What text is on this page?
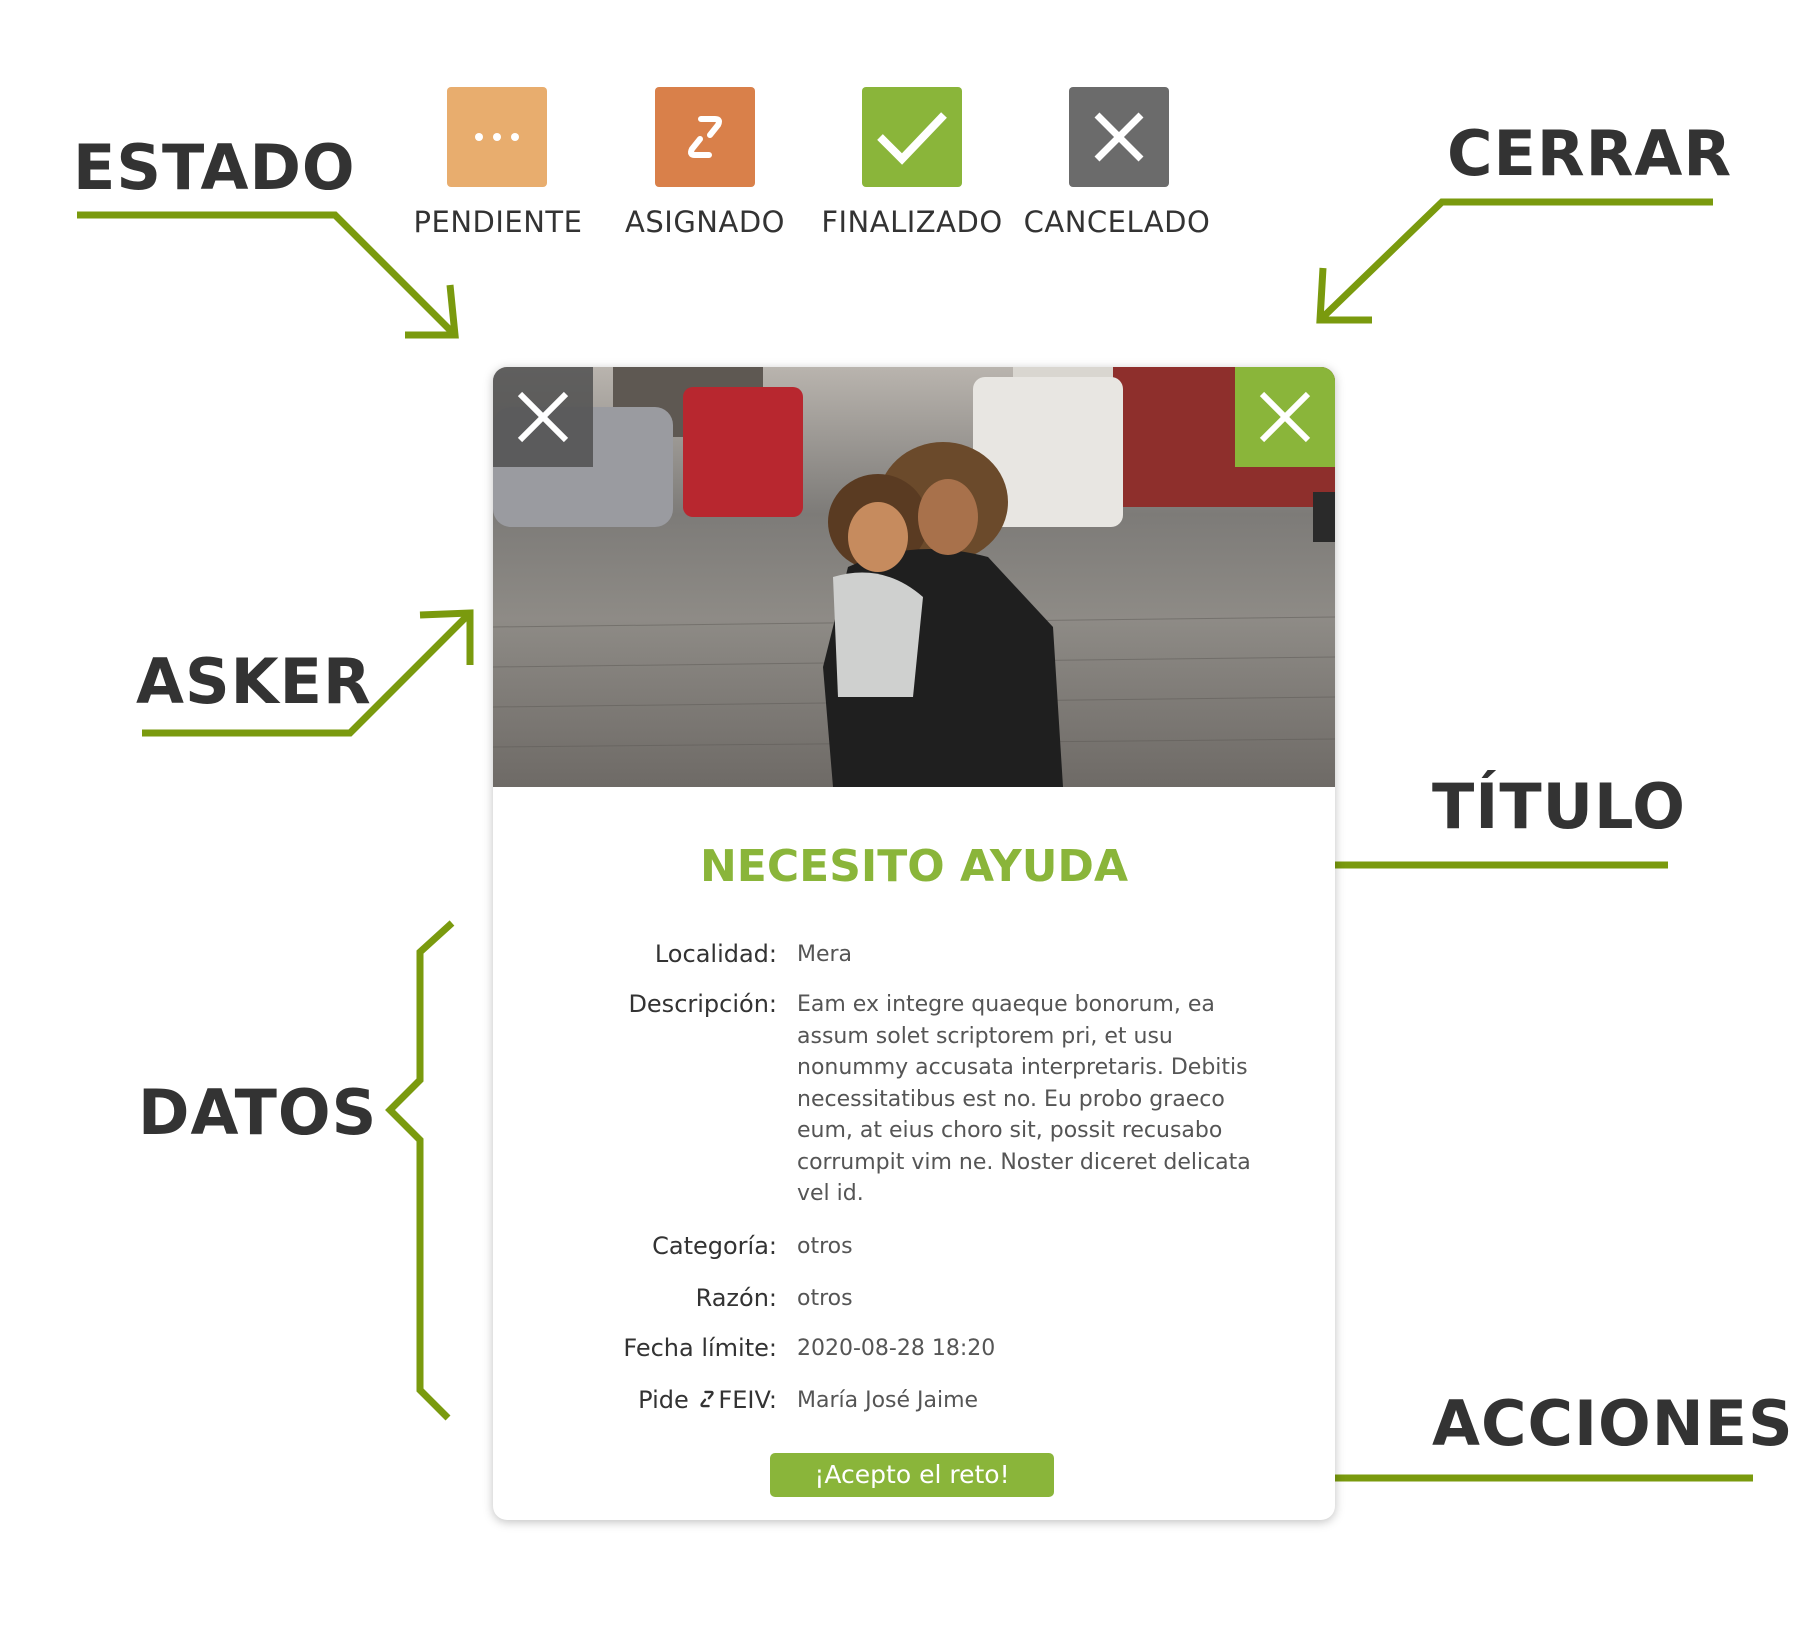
ESTADO	CERRAR
ASKER
TÍTULO
DATOS
ACCIONES
PENDIENTE	ASIGNADO	FINALIZADO CANCELADO
NECESITO AYUDA
Localidad: Mera
Descripción: Eam ex integre quaeque bonorum, ea assum solet scriptorem pri, et usu nonummy accusata interpretaris. Debitis necessitatibus est no. Eu probo graeco eum, at eius choro sit, possit recusabo corrumpit vim ne. Noster diceret delicata vel id.
Categoría: otros
Razón: otros
Fecha límite: 2020-08-28 18:20
Pide FEIV: María José Jaime
¡Acepto el reto!
